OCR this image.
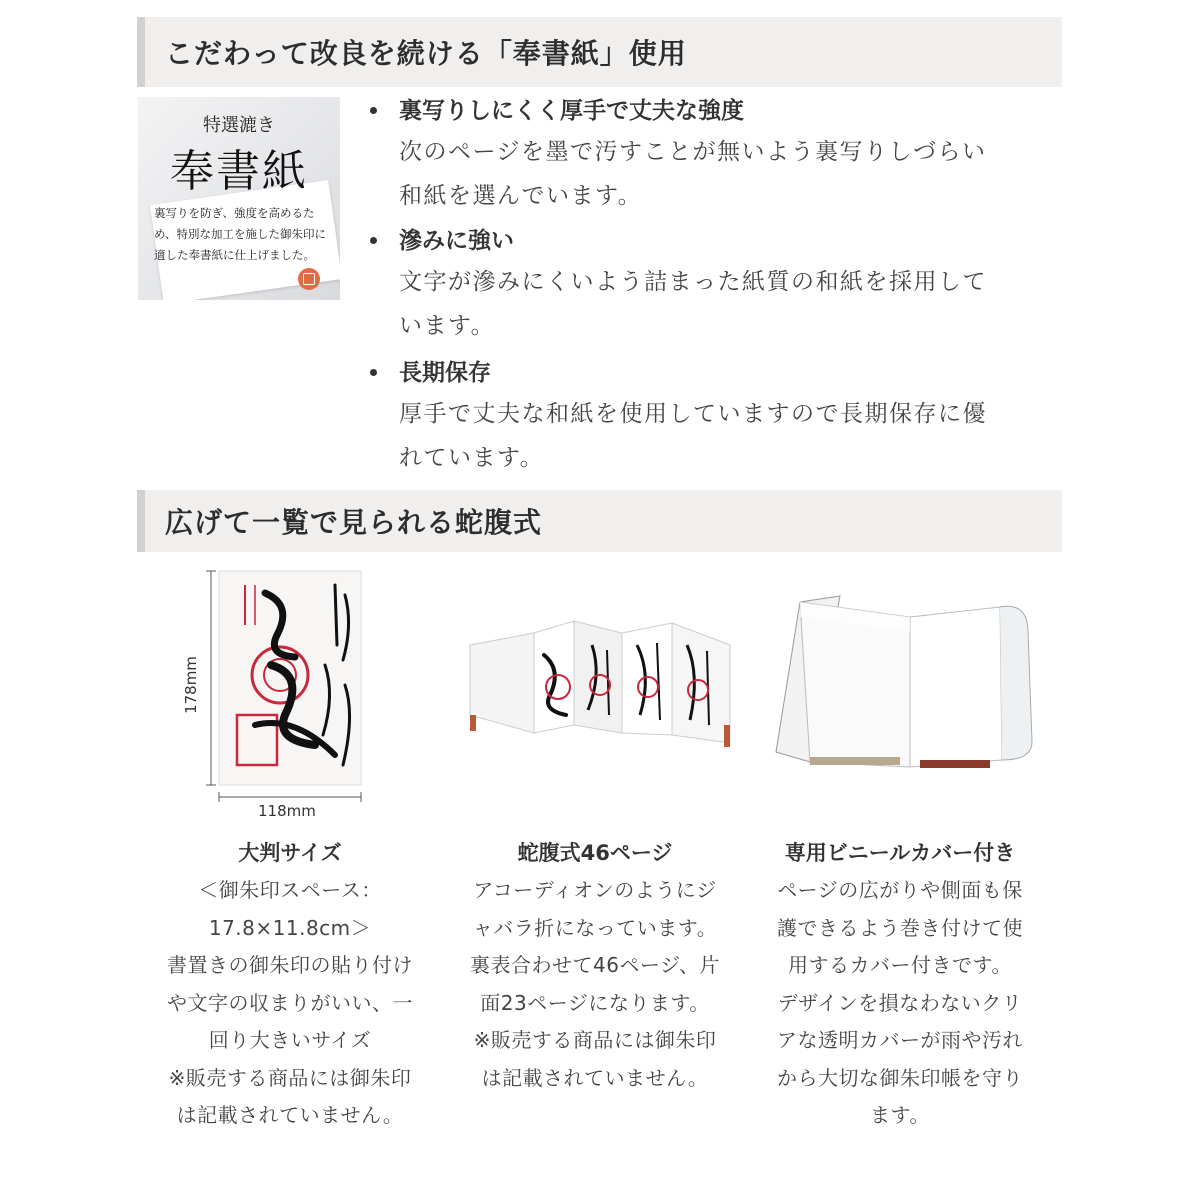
こだわって改良を続ける「奉書紙」使用
特選漉き
奉書紙
裏写りを防ぎ、強度を高めるため、特別な加工を施した御朱印に適した奉書紙に仕上げました。
裏写りしにくく厚手で丈夫な強度
次のページを墨で汚すことが無いよう裏写りしづらい
和紙を選んでいます。
滲みに強い
文字が滲みにくいよう詰まった紙質の和紙を採用して
います。
長期保存
厚手で丈夫な和紙を使用していますので長期保存に優
れています。
広げて一覧で見られる蛇腹式
178mm
118mm
大判サイズ
＜御朱印スペース：
17.8×11.8cm＞
書置きの御朱印の貼り付け
や文字の収まりがいい、一
回り大きいサイズ
※販売する商品には御朱印
は記載されていません。
蛇腹式46ページ
アコーディオンのようにジ
ャバラ折になっています。
裏表合わせて46ページ、片
面23ページになります。
※販売する商品には御朱印
は記載されていません。
専用ビニールカバー付き
ページの広がりや側面も保
護できるよう巻き付けて使
用するカバー付きです。
デザインを損なわないクリ
アな透明カバーが雨や汚れ
から大切な御朱印帳を守り
ます。
